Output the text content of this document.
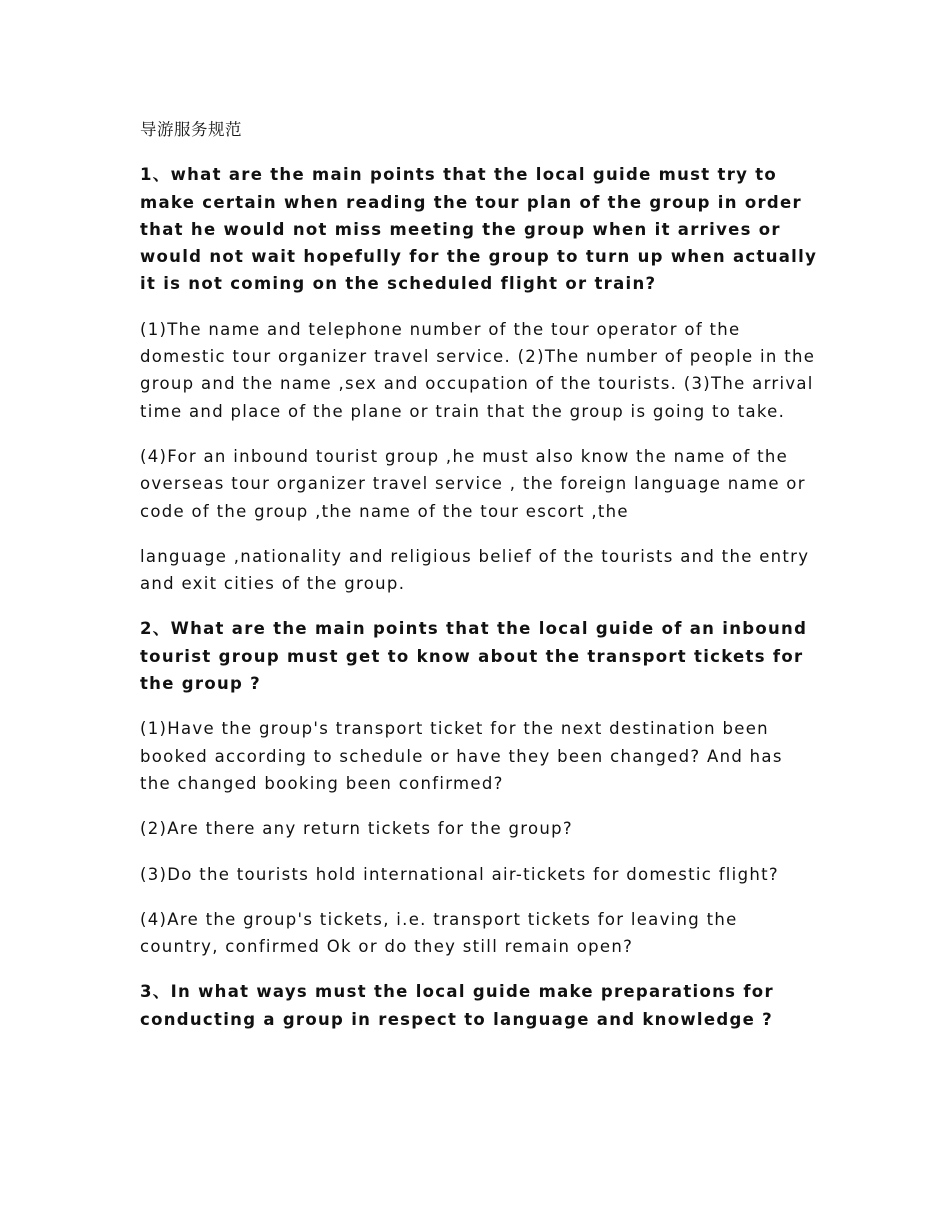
导游服务规范

1、what are the main points that the local guide must try to make certain when reading the tour plan of the group in order that he would not miss meeting the group when it arrives or would not wait hopefully for the group to turn up when actually it is not coming on the scheduled flight or train?

(1)The name and telephone number of the tour operator of the domestic tour organizer travel service. (2)The number of people in the group and the name ,sex and occupation of the tourists. (3)The arrival time and place of the plane or train that the group is going to take.

(4)For an inbound tourist group ,he must also know the name of the overseas tour organizer travel service , the foreign language name or code of the group ,the name of the tour escort ,the

language ,nationality and religious belief of the tourists and the entry and exit cities of the group.

2、What are the main points that the local guide of an inbound tourist group must get to know about the transport tickets for the group ?

(1)Have the group's transport ticket for the next destination been booked according to schedule or have they been changed? And has the changed booking been confirmed?

(2)Are there any return tickets for the group?

(3)Do the tourists hold international air-tickets for domestic flight?

(4)Are the group's tickets, i.e. transport tickets for leaving the country, confirmed Ok or do they still remain open?

3、In what ways must the local guide make preparations for conducting a group in respect to language and knowledge ?
